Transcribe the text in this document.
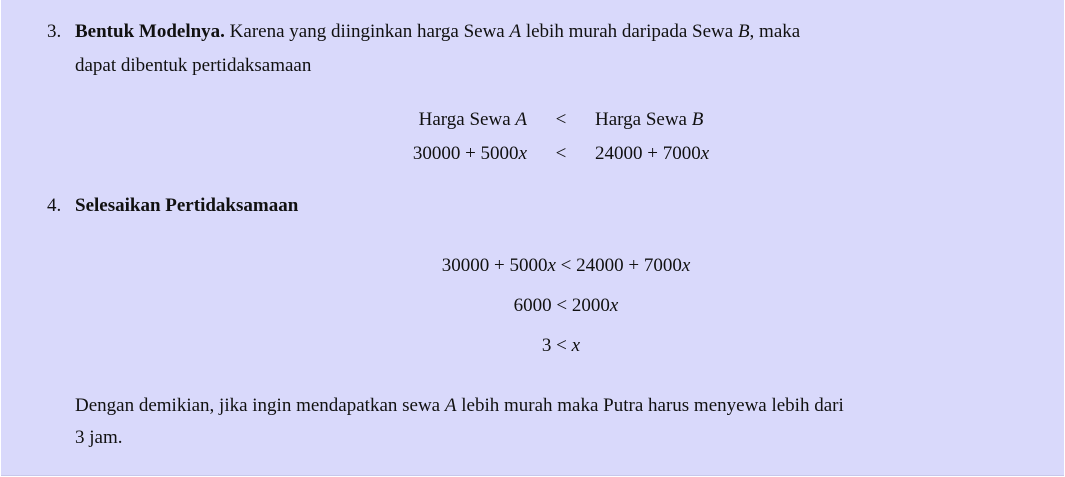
3. Bentuk Modelnya. Karena yang diinginkan harga Sewa A lebih murah daripada Sewa B, maka
dapat dibentuk pertidaksamaan
Harga Sewa A	<	Harga Sewa B
30000 + 5000x	<	24000 + 7000x
4. Selesaikan Pertidaksamaan
30000 + 5000x < 24000 + 7000x
6000 < 2000x
3 < x
Dengan demikian, jika ingin mendapatkan sewa A lebih murah maka Putra harus menyewa lebih dari
3 jam.
